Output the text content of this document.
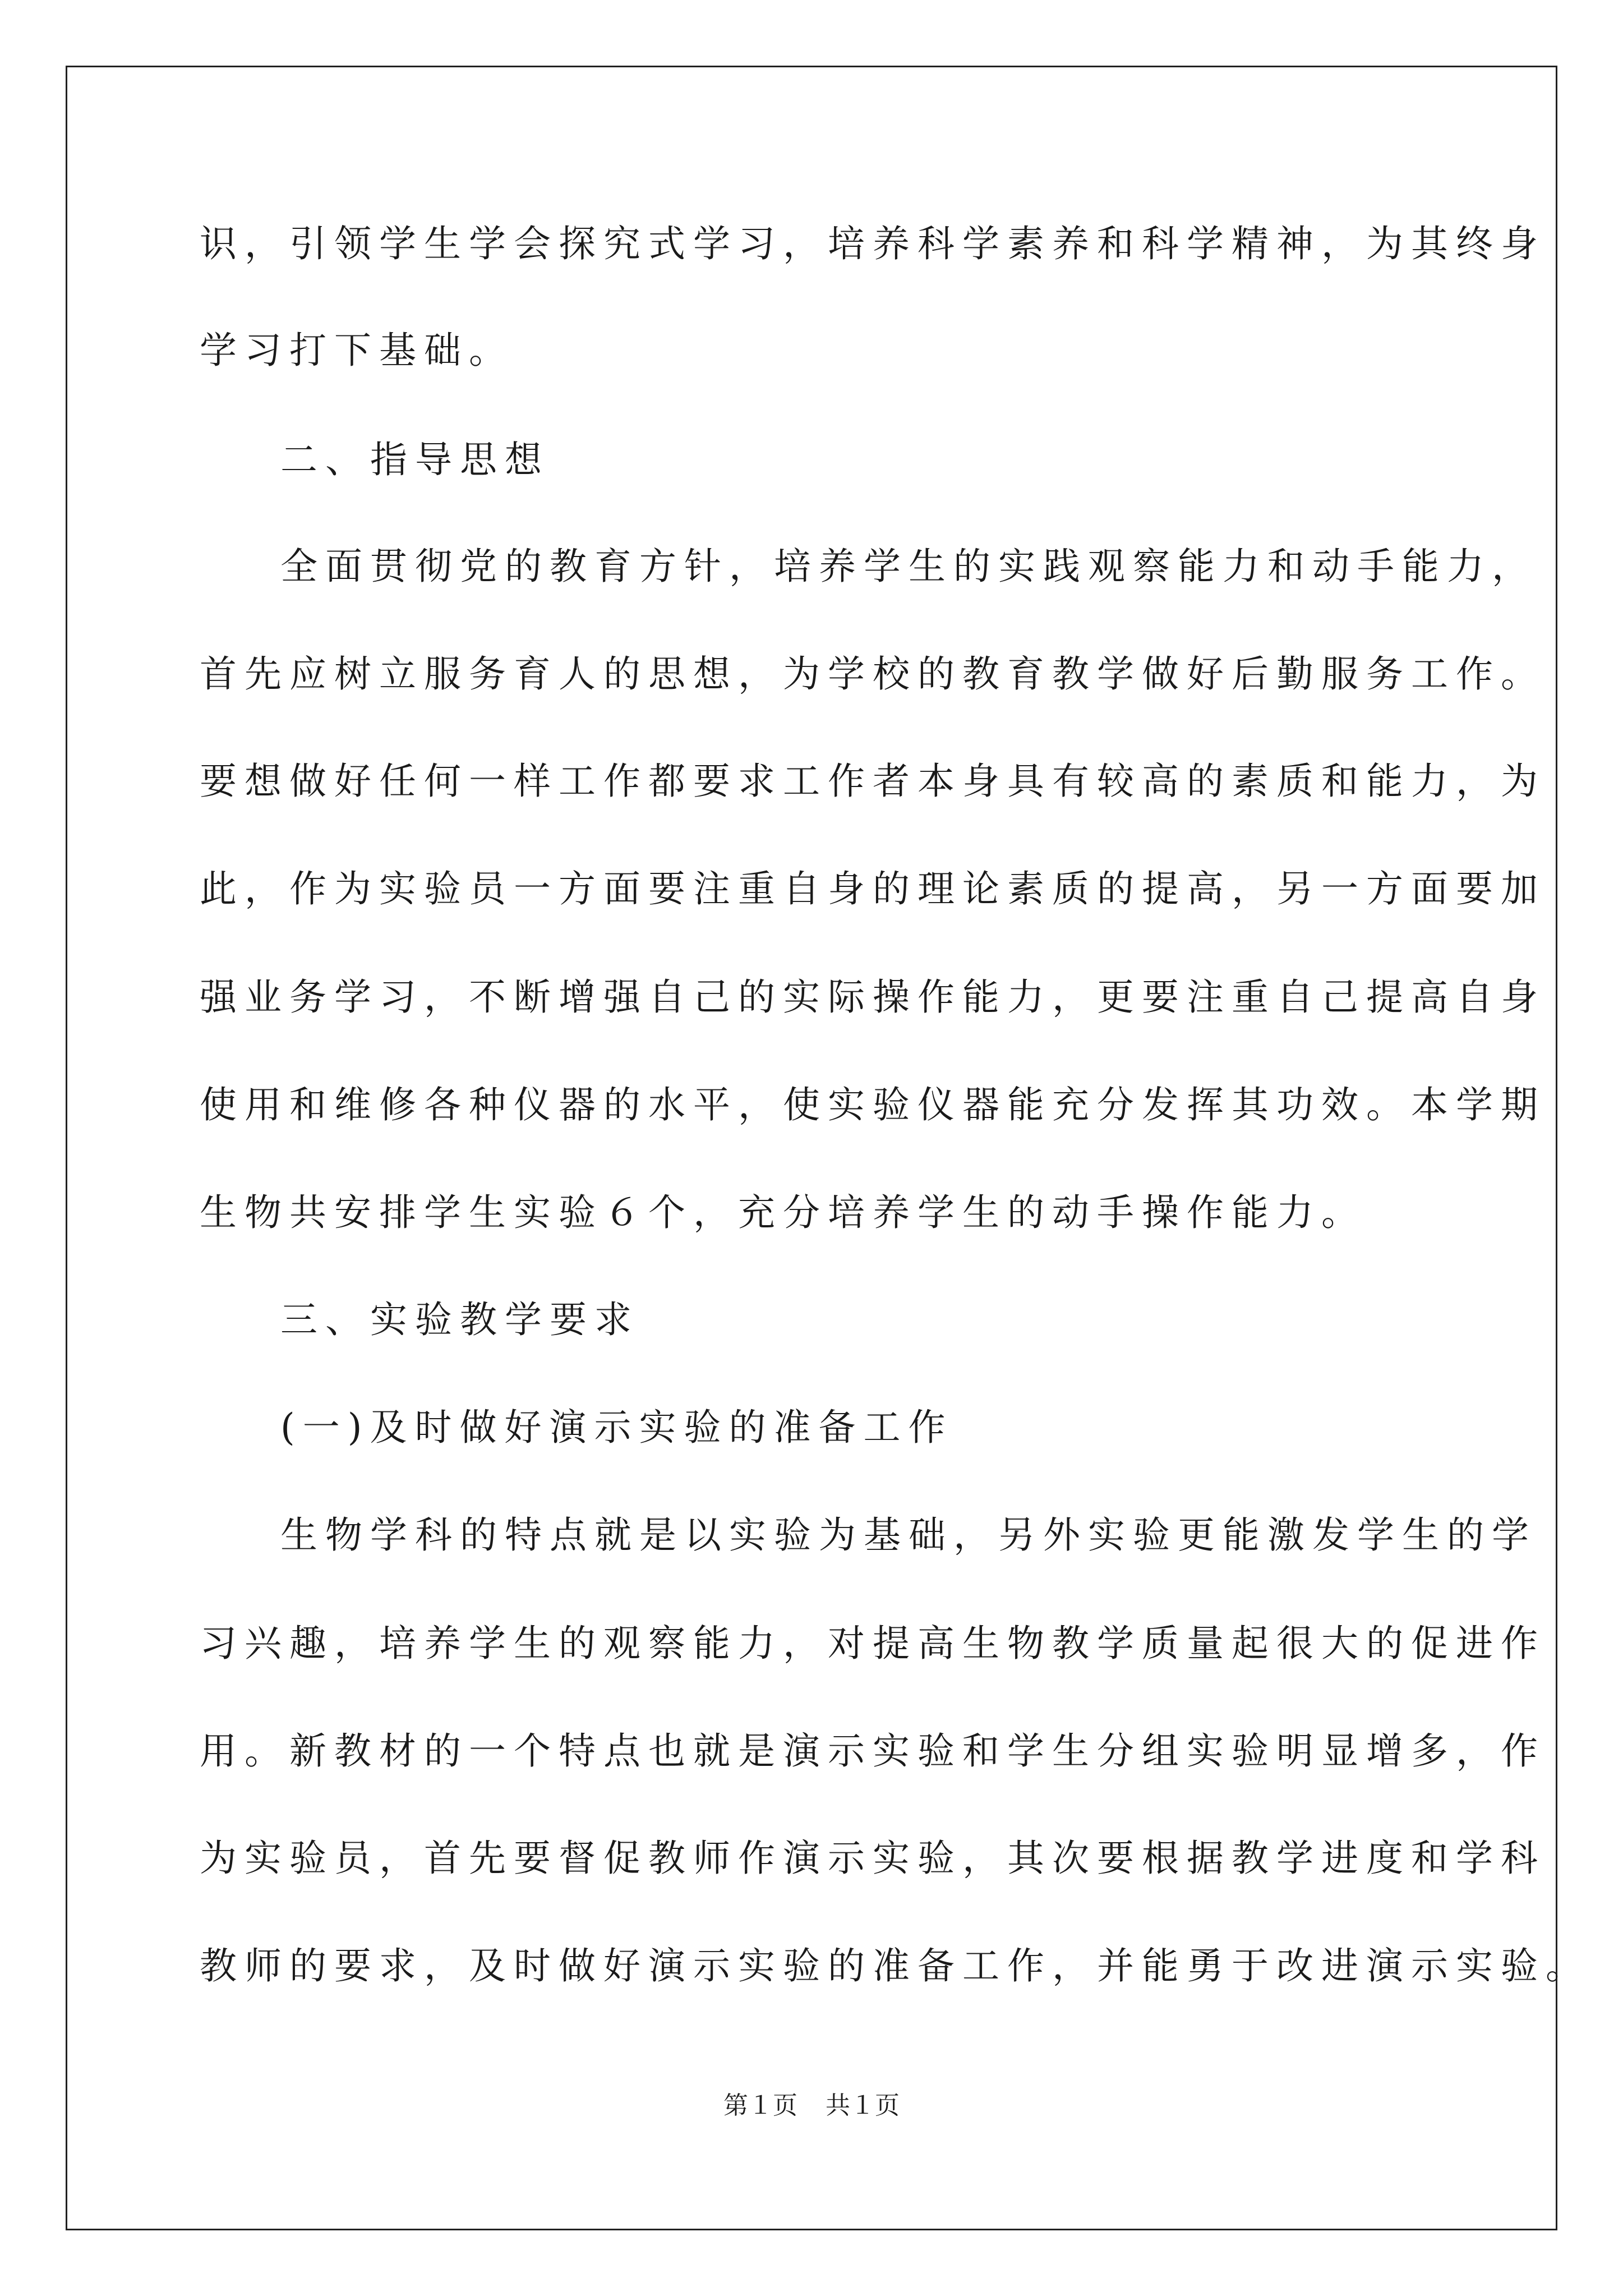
识，引领学生学会探究式学习，培养科学素养和科学精神，为其终身
学习打下基础。
二、指导思想
全面贯彻党的教育方针，培养学生的实践观察能力和动手能力，
首先应树立服务育人的思想，为学校的教育教学做好后勤服务工作。
要想做好任何一样工作都要求工作者本身具有较高的素质和能力，为
此，作为实验员一方面要注重自身的理论素质的提高，另一方面要加
强业务学习，不断增强自己的实际操作能力，更要注重自己提高自身
使用和维修各种仪器的水平，使实验仪器能充分发挥其功效。本学期
生物共安排学生实验６个，充分培养学生的动手操作能力。
三、实验教学要求
(一)及时做好演示实验的准备工作
生物学科的特点就是以实验为基础，另外实验更能激发学生的学
习兴趣，培养学生的观察能力，对提高生物教学质量起很大的促进作
用。新教材的一个特点也就是演示实验和学生分组实验明显增多，作
为实验员，首先要督促教师作演示实验，其次要根据教学进度和学科
教师的要求，及时做好演示实验的准备工作，并能勇于改进演示实验。
第１页 共１页
